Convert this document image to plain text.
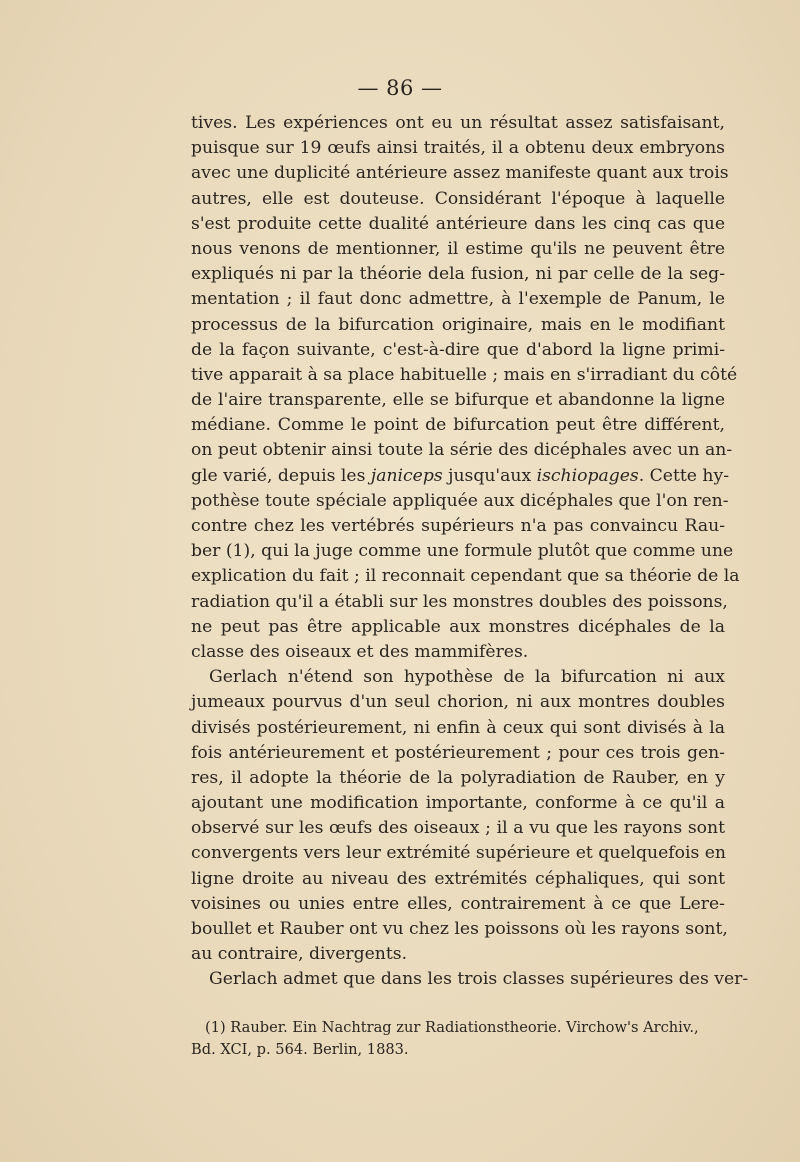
— 86 —
tives. Les expériences ont eu un résultat assez satisfaisant,
puisque sur 19 œufs ainsi traités, il a obtenu deux embryons
avec une duplicité antérieure assez manifeste quant aux trois
autres, elle est douteuse. Considérant l'époque à laquelle
s'est produite cette dualité antérieure dans les cinq cas que
nous venons de mentionner, il estime qu'ils ne peuvent être
expliqués ni par la théorie dela fusion, ni par celle de la seg-
mentation ; il faut donc admettre, à l'exemple de Panum, le
processus de la bifurcation originaire, mais en le modifiant
de la façon suivante, c'est-à-dire que d'abord la ligne primi-
tive apparait à sa place habituelle ; mais en s'irradiant du côté
de l'aire transparente, elle se bifurque et abandonne la ligne
médiane. Comme le point de bifurcation peut être différent,
on peut obtenir ainsi toute la série des dicéphales avec un an-
gle varié, depuis les janiceps jusqu'aux ischiopages. Cette hy-
pothèse toute spéciale appliquée aux dicéphales que l'on ren-
contre chez les vertébrés supérieurs n'a pas convaincu Rau-
ber (1), qui la juge comme une formule plutôt que comme une
explication du fait ; il reconnait cependant que sa théorie de la
radiation qu'il a établi sur les monstres doubles des poissons,
ne peut pas être applicable aux monstres dicéphales de la
classe des oiseaux et des mammifères.
Gerlach n'étend son hypothèse de la bifurcation ni aux
jumeaux pourvus d'un seul chorion, ni aux montres doubles
divisés postérieurement, ni enfin à ceux qui sont divisés à la
fois antérieurement et postérieurement ; pour ces trois gen-
res, il adopte la théorie de la polyradiation de Rauber, en y
ajoutant une modification importante, conforme à ce qu'il a
observé sur les œufs des oiseaux ; il a vu que les rayons sont
convergents vers leur extrémité supérieure et quelquefois en
ligne droite au niveau des extrémités céphaliques, qui sont
voisines ou unies entre elles, contrairement à ce que Lere-
boullet et Rauber ont vu chez les poissons où les rayons sont,
au contraire, divergents.
Gerlach admet que dans les trois classes supérieures des ver-
(1) Rauber. Ein Nachtrag zur Radiationstheorie. Virchow's Archiv.,
Bd. XCI, p. 564. Berlin, 1883.
